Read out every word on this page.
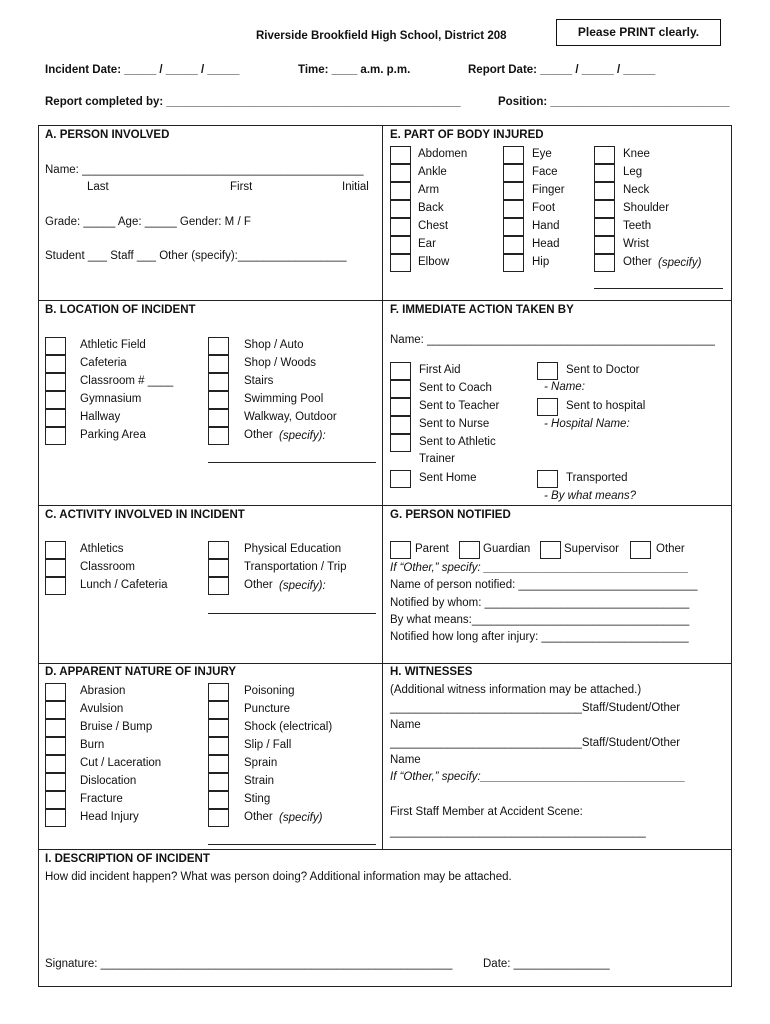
Riverside Brookfield High School, District 208	Please PRINT clearly.
Incident Date: _____ / _____ / _____	Time: ____ a.m. p.m.	Report Date: _____ / _____ / _____
Report completed by: ______________________________________________	Position: ____________________________
A. PERSON INVOLVED
Name: ____________________________________________
Last	First	Initial
Grade: _____ Age: _____ Gender: M / F
Student ___ Staff ___ Other (specify):_________________
E. PART OF BODY INJURED
Abdomen
Ankle
Arm
Back
Chest
Ear
Elbow
Eye
Face
Finger
Foot
Hand
Head
Hip
Knee
Leg
Neck
Shoulder
Teeth
Wrist
Other (specify)
B. LOCATION OF INCIDENT
Athletic Field
Cafeteria
Classroom # ____
Gymnasium
Hallway
Parking Area
Shop / Auto
Shop / Woods
Stairs
Swimming Pool
Walkway, Outdoor
Other (specify):
F. IMMEDIATE ACTION TAKEN BY
Name: _____________________________________________
First Aid
Sent to Coach
Sent to Teacher
Sent to Nurse
Sent to Athletic
Trainer
Sent Home
Sent to Doctor
- Name:
Sent to hospital
- Hospital Name:
Transported
- By what means?
C. ACTIVITY INVOLVED IN INCIDENT
Athletics
Classroom
Lunch / Cafeteria
Physical Education
Transportation / Trip
Other (specify):
G. PERSON NOTIFIED
Parent	Guardian	Supervisor	Other
If “Other,” specify: ________________________________
Name of person notified: ____________________________
Notified by whom: ________________________________
By what means:__________________________________
Notified how long after injury: _______________________
D. APPARENT NATURE OF INJURY
Abrasion
Avulsion
Bruise / Bump
Burn
Cut / Laceration
Dislocation
Fracture
Head Injury
Poisoning
Puncture
Shock (electrical)
Slip / Fall
Sprain
Strain
Sting
Other (specify)
H. WITNESSES
(Additional witness information may be attached.)
______________________________Staff/Student/Other
Name
______________________________Staff/Student/Other
Name
If “Other,” specify:________________________________
First Staff Member at Accident Scene:
________________________________________
I. DESCRIPTION OF INCIDENT
How did incident happen? What was person doing? Additional information may be attached.
Signature: _______________________________________________________	Date: _______________
